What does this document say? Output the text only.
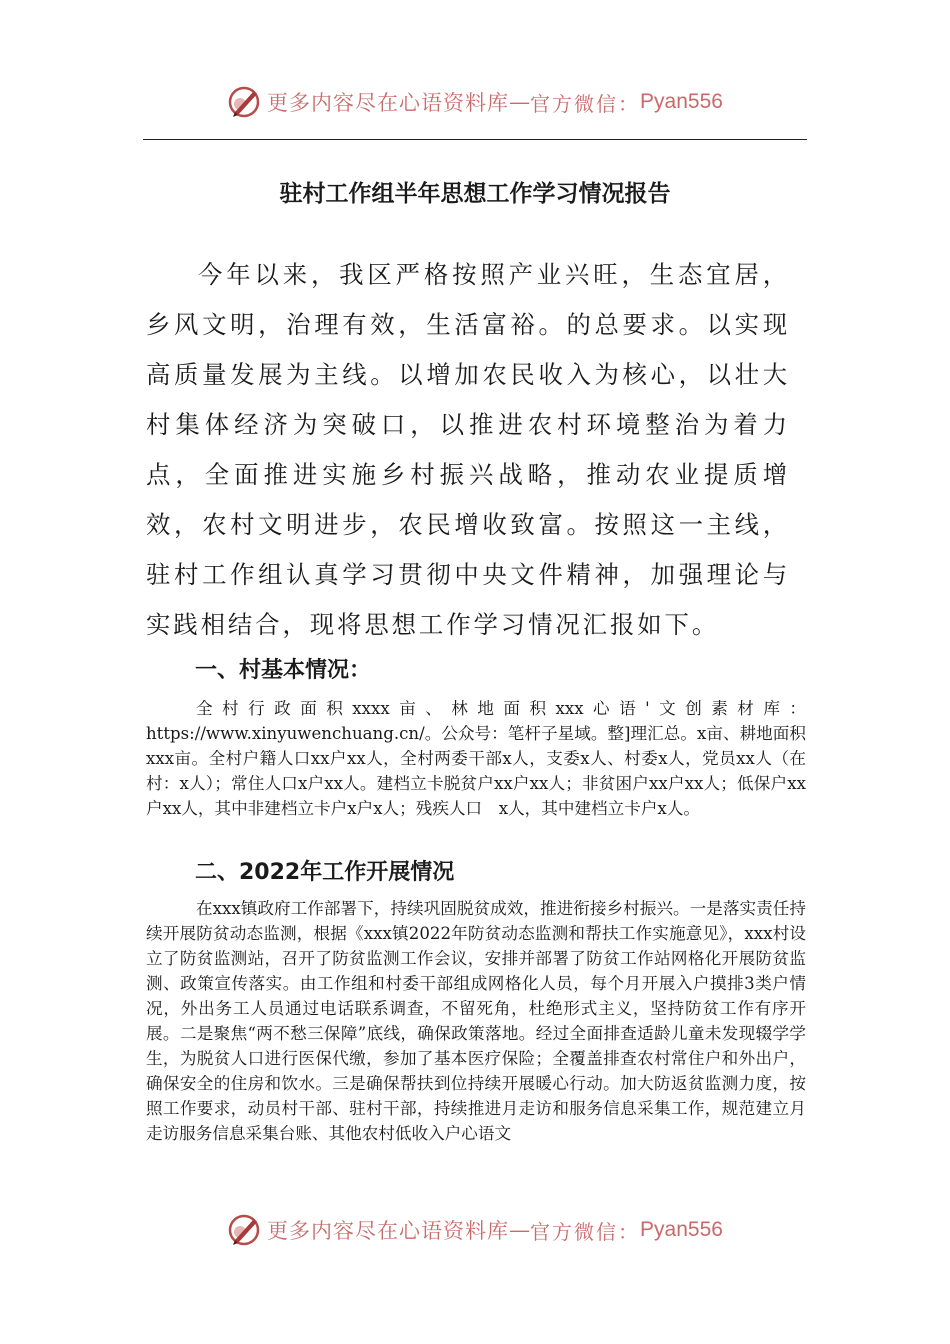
更多内容尽在心语资料库 — 官方微信： Pyan556
驻村工作组半年思想工作学习情况报告

今年以来，我区严格按照产业兴旺，生态宜居，乡风文明，治理有效，生活富裕。的总要求。以实现高质量发展为主线。以增加农民收入为核心，以壮大村集体经济为突破口，以推进农村环境整治为着力点，全面推进实施乡村振兴战略，推动农业提质增效，农村文明进步，农民增收致富。按照这一主线，驻村工作组认真学习贯彻中央文件精神，加强理论与实践相结合，现将思想工作学习情况汇报如下。

一、村基本情况：

全村行政面积xxxx亩、林地面积xxx心语'文创素材库：https://www.xinyuwenchuang.cn/。公众号：笔杆子星域。整]理汇总。x亩、耕地面积xxx亩。全村户籍人口xx户xx人，全村两委干部x人，支委x人、村委x人，党员xx人（在村：x人）；常住人口x户xx人。建档立卡脱贫户xx户xx人；非贫困户xx户xx人；低保户xx户xx人，其中非建档立卡户x户x人；残疾人口　x人，其中建档立卡户x人。

二、2022年工作开展情况

在xxx镇政府工作部署下，持续巩固脱贫成效，推进衔接乡村振兴。一是落实责任持续开展防贫动态监测，根据《xxx镇2022年防贫动态监测和帮扶工作实施意见》，xxx村设立了防贫监测站，召开了防贫监测工作会议，安排并部署了防贫工作站网格化开展防贫监测、政策宣传落实。由工作组和村委干部组成网格化人员，每个月开展入户摸排3类户情况，外出务工人员通过电话联系调查，不留死角，杜绝形式主义，坚持防贫工作有序开展。二是聚焦“两不愁三保障”底线，确保政策落地。经过全面排查适龄儿童未发现辍学学生，为脱贫人口进行医保代缴，参加了基本医疗保险；全覆盖排查农村常住户和外出户，确保安全的住房和饮水。三是确保帮扶到位持续开展暖心行动。加大防返贫监测力度，按照工作要求，动员村干部、驻村干部，持续推进月走访和服务信息采集工作，规范建立月走访服务信息采集台账、其他农村低收入户心语文

更多内容尽在心语资料库 — 官方微信： Pyan556
